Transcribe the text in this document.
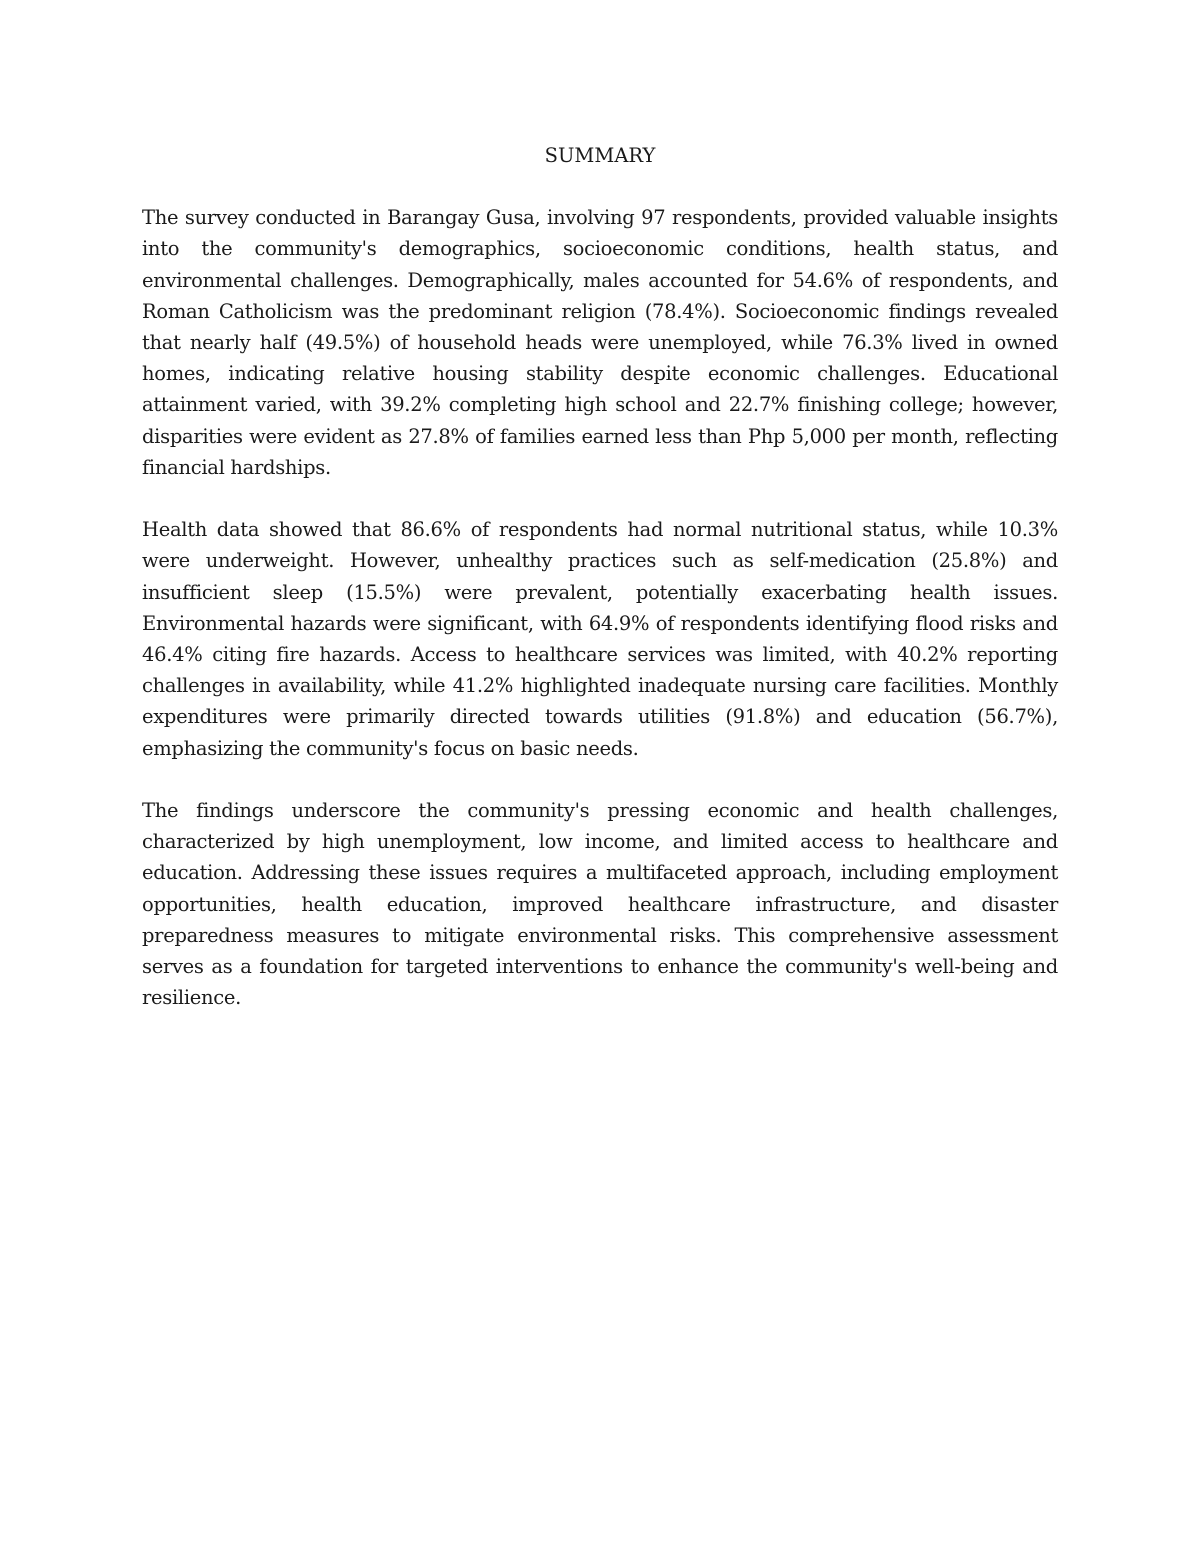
SUMMARY

The survey conducted in Barangay Gusa, involving 97 respondents, provided valuable insights into the community's demographics, socioeconomic conditions, health status, and environmental challenges. Demographically, males accounted for 54.6% of respondents, and Roman Catholicism was the predominant religion (78.4%). Socioeconomic findings revealed that nearly half (49.5%) of household heads were unemployed, while 76.3% lived in owned homes, indicating relative housing stability despite economic challenges. Educational attainment varied, with 39.2% completing high school and 22.7% finishing college; however, disparities were evident as 27.8% of families earned less than Php 5,000 per month, reflecting financial hardships.

Health data showed that 86.6% of respondents had normal nutritional status, while 10.3% were underweight. However, unhealthy practices such as self-medication (25.8%) and insufficient sleep (15.5%) were prevalent, potentially exacerbating health issues. Environmental hazards were significant, with 64.9% of respondents identifying flood risks and 46.4% citing fire hazards. Access to healthcare services was limited, with 40.2% reporting challenges in availability, while 41.2% highlighted inadequate nursing care facilities. Monthly expenditures were primarily directed towards utilities (91.8%) and education (56.7%), emphasizing the community's focus on basic needs.

The findings underscore the community's pressing economic and health challenges, characterized by high unemployment, low income, and limited access to healthcare and education. Addressing these issues requires a multifaceted approach, including employment opportunities, health education, improved healthcare infrastructure, and disaster preparedness measures to mitigate environmental risks. This comprehensive assessment serves as a foundation for targeted interventions to enhance the community's well-being and resilience.
